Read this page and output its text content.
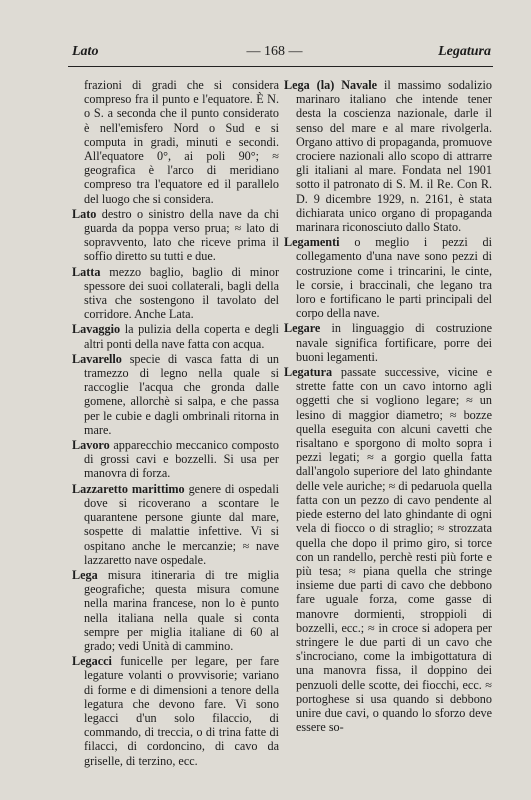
Lato	— 168 —	Legatura

frazioni di gradi che si considera compreso fra il punto e l'equatore. È N. o S. a seconda che il punto considerato è nell'emisfero Nord o Sud e si computa in gradi, minuti e secondi. All'equatore 0°, ai poli 90°; ≈ geografica è l'arco di meridiano compreso tra l'equatore ed il parallelo del luogo che si considera.

Lato destro o sinistro della nave da chi guarda da poppa verso prua; ≈ lato di sopravvento, lato che riceve prima il soffio diretto su tutti e due.

Latta mezzo baglio, baglio di minor spessore dei suoi collaterali, bagli della stiva che sostengono il tavolato del corridore. Anche Lata.

Lavaggio la pulizia della coperta e degli altri ponti della nave fatta con acqua.

Lavarello specie di vasca fatta di un tramezzo di legno nella quale si raccoglie l'acqua che gronda dalle gomene, allorchè si salpa, e che passa per le cubie e dagli ombrinali ritorna in mare.

Lavoro apparecchio meccanico composto di grossi cavi e bozzelli. Si usa per manovra di forza.

Lazzaretto marittimo genere di ospedali dove si ricoverano a scontare le quarantene persone giunte dal mare, sospette di malattie infettive. Vi si ospitano anche le mercanzie; ≈ nave lazzaretto nave ospedale.

Lega misura itineraria di tre miglia geografiche; questa misura comune nella marina francese, non lo è punto nella italiana nella quale si conta sempre per miglia italiane di 60 al grado; vedi Unità di cammino.

Legacci funicelle per legare, per fare legature volanti o provvisorie; variano di forme e di dimensioni a tenore della legatura che devono fare. Vi sono legacci d'un solo filaccio, di commando, di treccia, o di trina fatte di filacci, di cordoncino, di cavo da griselle, di terzino, ecc.

Lega (la) Navale il massimo sodalizio marinaro italiano che intende tener desta la coscienza nazionale, darle il senso del mare e al mare rivolgerla. Organo attivo di propaganda, promuove crociere nazionali allo scopo di attrarre gli italiani al mare. Fondata nel 1901 sotto il patronato di S. M. il Re. Con R. D. 9 dicembre 1929, n. 2161, è stata dichiarata unico organo di propaganda marinara riconosciuto dallo Stato.

Legamenti o meglio i pezzi di collegamento d'una nave sono pezzi di costruzione come i trincarini, le cinte, le corsie, i braccinali, che legano tra loro e fortificano le parti principali del corpo della nave.

Legare in linguaggio di costruzione navale significa fortificare, porre dei buoni legamenti.

Legatura passate successive, vicine e strette fatte con un cavo intorno agli oggetti che si vogliono legare; ≈ un lesino di maggior diametro; ≈ bozze quella eseguita con alcuni cavetti che risaltano e sporgono di molto sopra i pezzi legati; ≈ a gorgio quella fatta dall'angolo superiore del lato ghindante delle vele auriche; ≈ di pedaruola quella fatta con un pezzo di cavo pendente al piede esterno del lato ghindante di ogni vela di fiocco o di straglio; ≈ strozzata quella che dopo il primo giro, si torce con un randello, perchè resti più forte e più tesa; ≈ piana quella che stringe insieme due parti di cavo che debbono fare uguale forza, come gasse di manovre dormienti, stroppioli di bozzelli, ecc.; ≈ in croce si adopera per stringere le due parti di un cavo che s'incrociano, come la imbigottatura di una manovra fissa, il doppino dei penzuoli delle scotte, dei fiocchi, ecc. ≈ portoghese si usa quando si debbono unire due cavi, o quando lo sforzo deve essere so-
